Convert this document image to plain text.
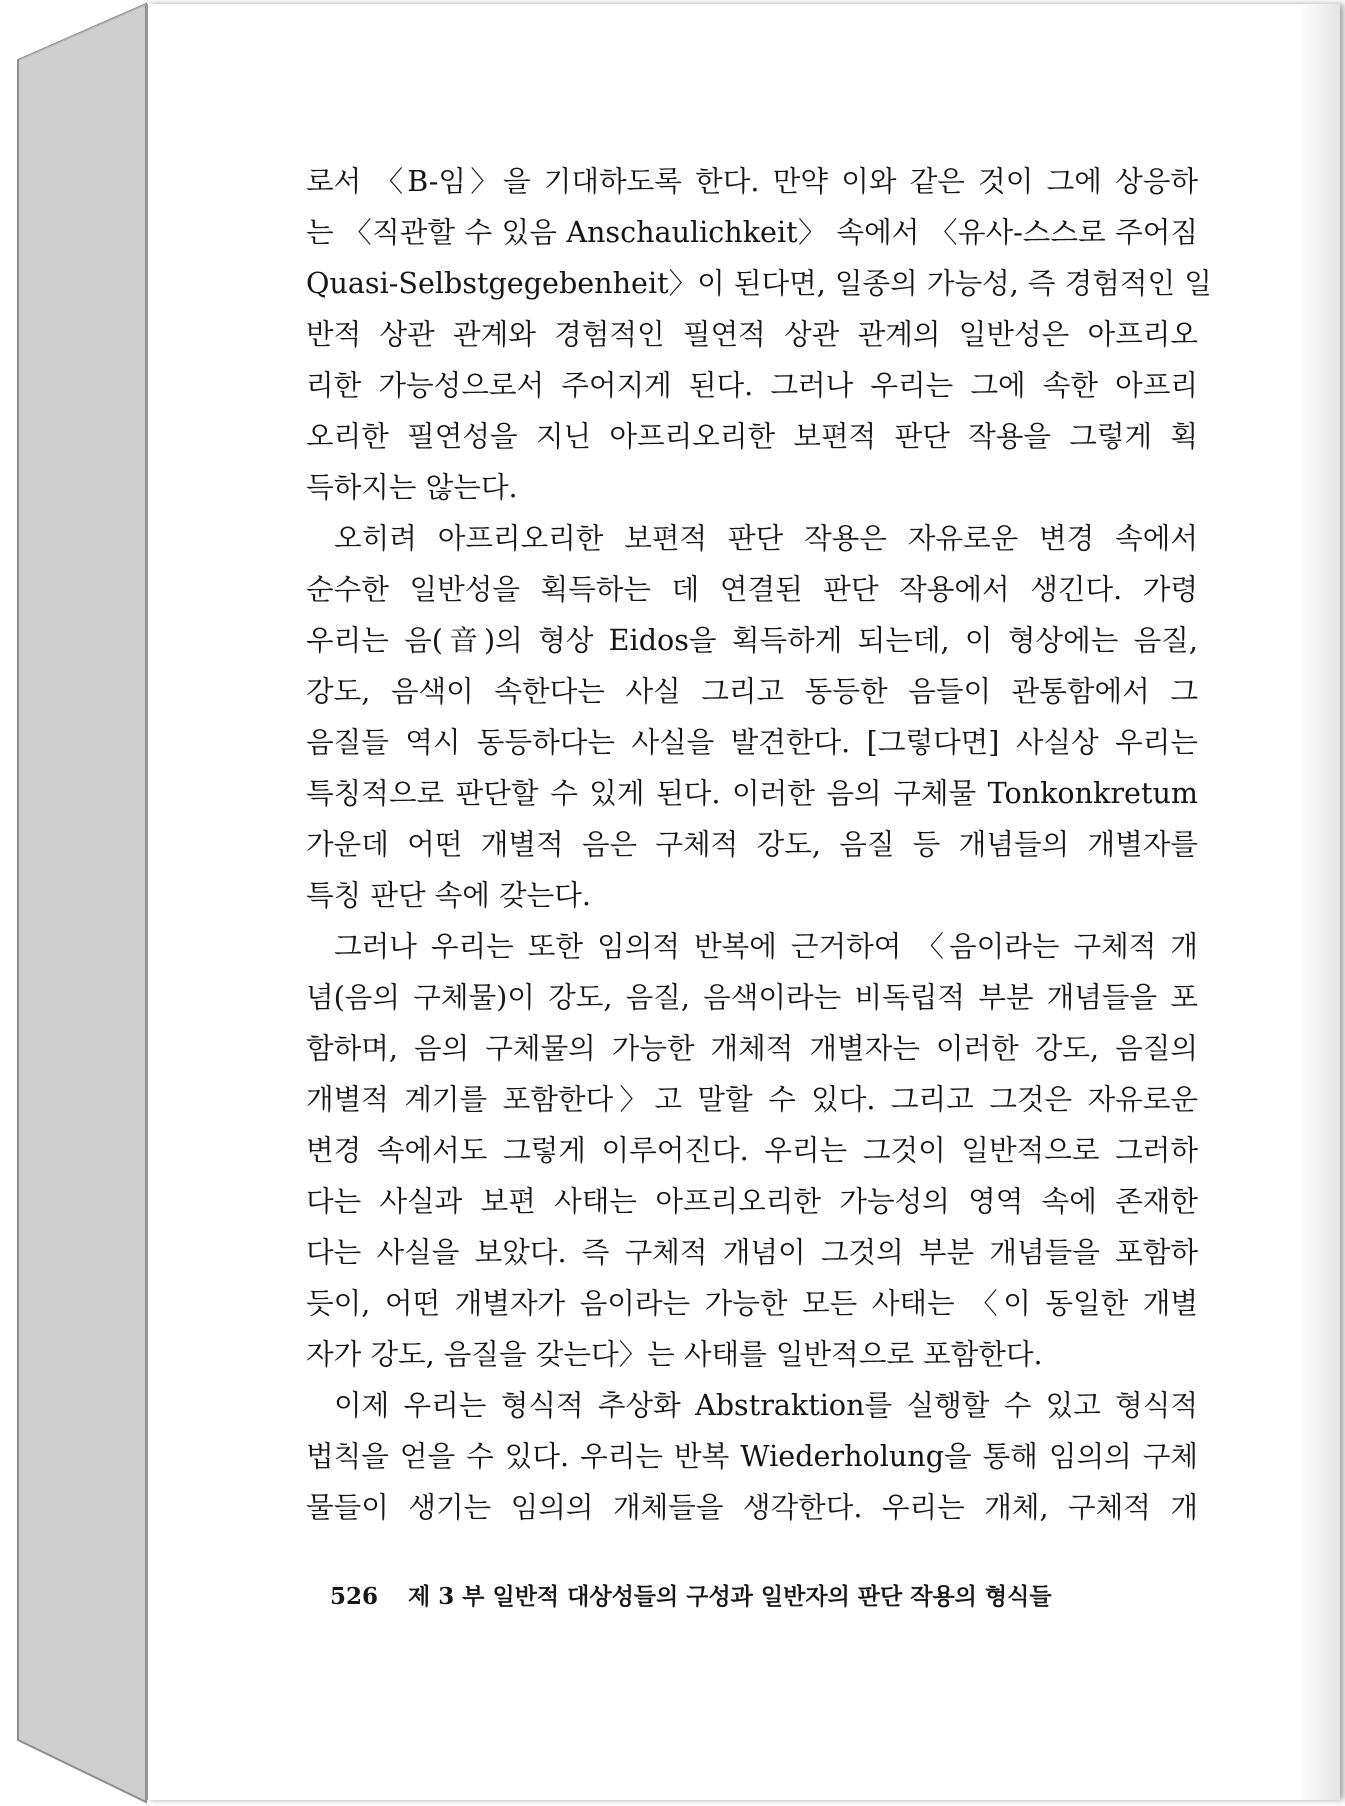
로서 〈B-임〉을 기대하도록 한다. 만약 이와 같은 것이 그에 상응하
는 〈직관할 수 있음 Anschaulichkeit〉 속에서 〈유사-스스로 주어짐
Quasi-Selbstgegebenheit〉이 된다면, 일종의 가능성, 즉 경험적인 일
반적 상관 관계와 경험적인 필연적 상관 관계의 일반성은 아프리오
리한 가능성으로서 주어지게 된다. 그러나 우리는 그에 속한 아프리
오리한 필연성을 지닌 아프리오리한 보편적 판단 작용을 그렇게 획
득하지는 않는다.
오히려 아프리오리한 보편적 판단 작용은 자유로운 변경 속에서
순수한 일반성을 획득하는 데 연결된 판단 작용에서 생긴다. 가령
우리는 음(音)의 형상 Eidos을 획득하게 되는데, 이 형상에는 음질,
강도, 음색이 속한다는 사실 그리고 동등한 음들이 관통함에서 그
음질들 역시 동등하다는 사실을 발견한다. [그렇다면] 사실상 우리는
특칭적으로 판단할 수 있게 된다. 이러한 음의 구체물 Tonkonkretum
가운데 어떤 개별적 음은 구체적 강도, 음질 등 개념들의 개별자를
특칭 판단 속에 갖는다.
그러나 우리는 또한 임의적 반복에 근거하여 〈음이라는 구체적 개
념(음의 구체물)이 강도, 음질, 음색이라는 비독립적 부분 개념들을 포
함하며, 음의 구체물의 가능한 개체적 개별자는 이러한 강도, 음질의
개별적 계기를 포함한다〉고 말할 수 있다. 그리고 그것은 자유로운
변경 속에서도 그렇게 이루어진다. 우리는 그것이 일반적으로 그러하
다는 사실과 보편 사태는 아프리오리한 가능성의 영역 속에 존재한
다는 사실을 보았다. 즉 구체적 개념이 그것의 부분 개념들을 포함하
듯이, 어떤 개별자가 음이라는 가능한 모든 사태는 〈이 동일한 개별
자가 강도, 음질을 갖는다〉는 사태를 일반적으로 포함한다.
이제 우리는 형식적 추상화 Abstraktion를 실행할 수 있고 형식적
법칙을 얻을 수 있다. 우리는 반복 Wiederholung을 통해 임의의 구체
물들이 생기는 임의의 개체들을 생각한다. 우리는 개체, 구체적 개
526 제 3 부 일반적 대상성들의 구성과 일반자의 판단 작용의 형식들
